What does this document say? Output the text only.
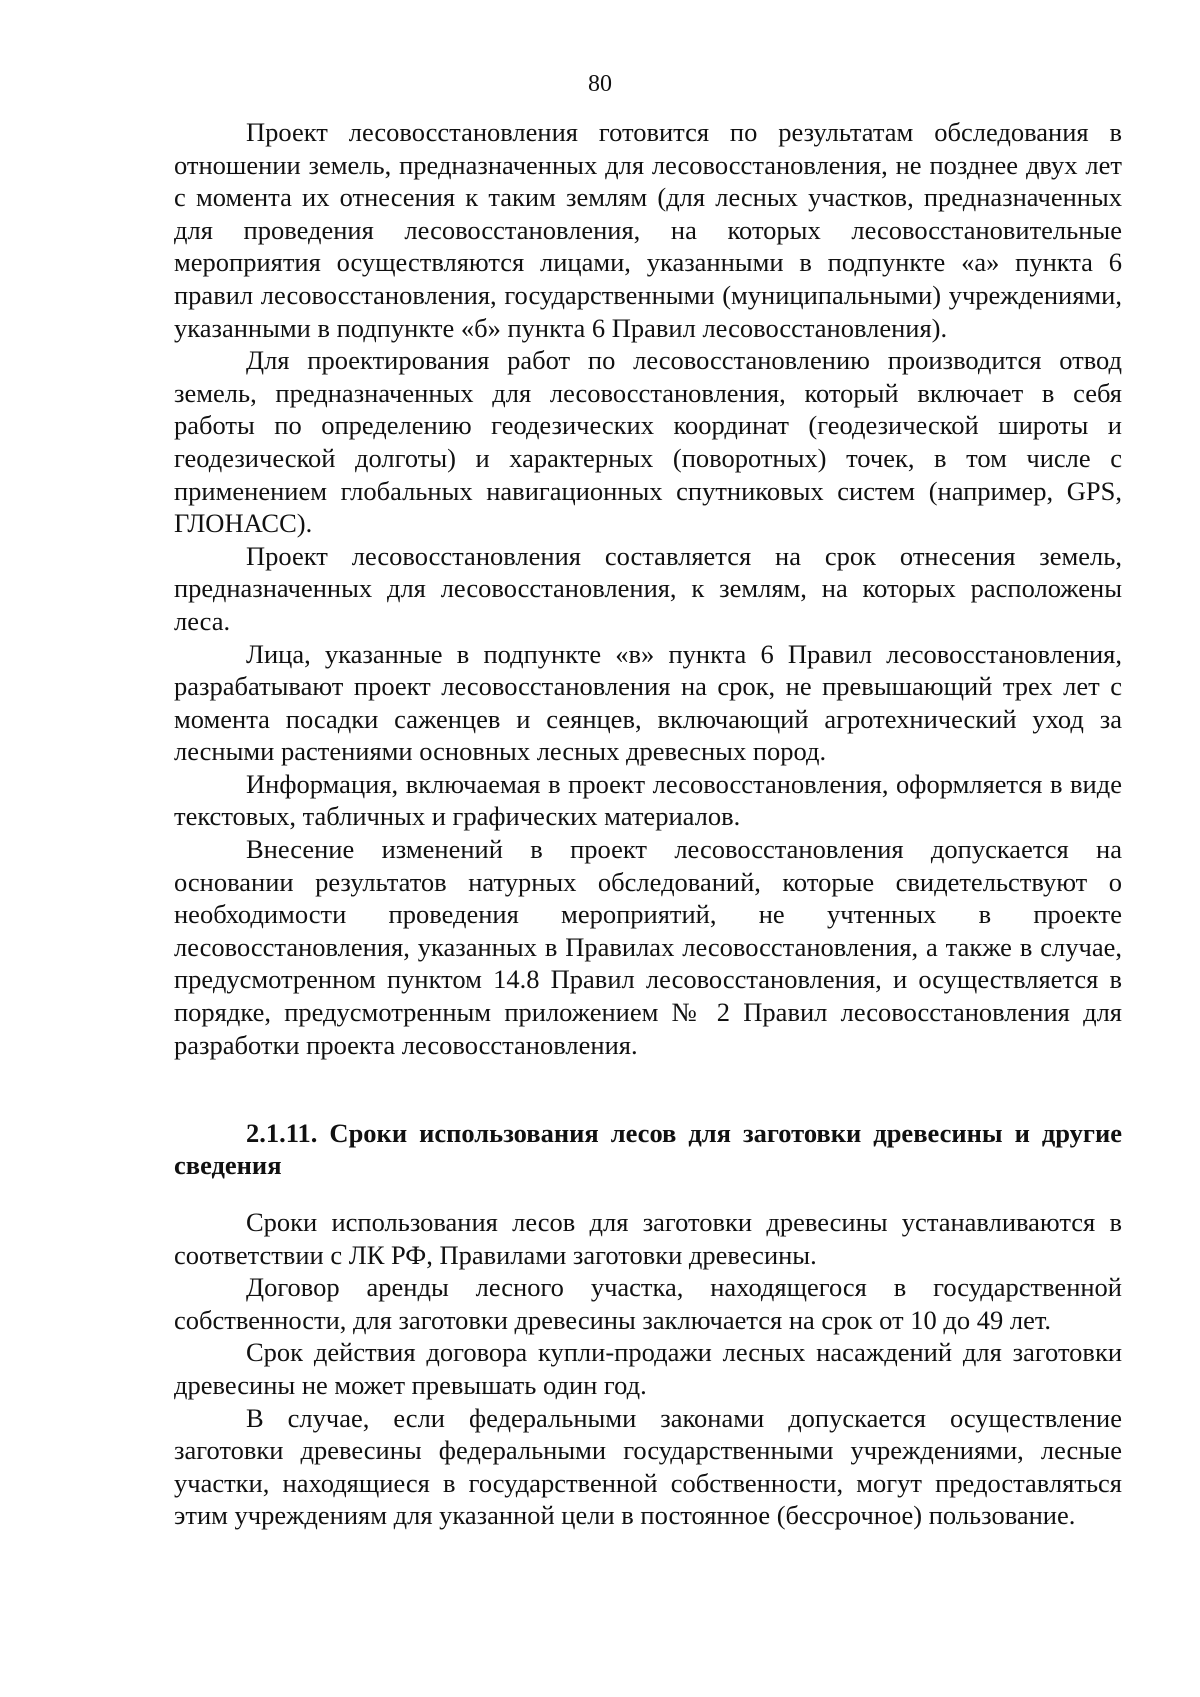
80

Проект лесовосстановления готовится по результатам обследования в отношении земель, предназначенных для лесовосстановления, не позднее двух лет с момента их отнесения к таким землям (для лесных участков, предназначенных для проведения лесовосстановления, на которых лесовосстановительные мероприятия осуществляются лицами, указанными в подпункте «а» пункта 6 правил лесовосстановления, государственными (муниципальными) учреждениями, указанными в подпункте «б» пункта 6 Правил лесовосстановления).

Для проектирования работ по лесовосстановлению производится отвод земель, предназначенных для лесовосстановления, который включает в себя работы по определению геодезических координат (геодезической широты и геодезической долготы) и характерных (поворотных) точек, в том числе с применением глобальных навигационных спутниковых систем (например, GPS, ГЛОНАСС).

Проект лесовосстановления составляется на срок отнесения земель, предназначенных для лесовосстановления, к землям, на которых расположены леса.

Лица, указанные в подпункте «в» пункта 6 Правил лесовосстановления, разрабатывают проект лесовосстановления на срок, не превышающий трех лет с момента посадки саженцев и сеянцев, включающий агротехнический уход за лесными растениями основных лесных древесных пород.

Информация, включаемая в проект лесовосстановления, оформляется в виде текстовых, табличных и графических материалов.

Внесение изменений в проект лесовосстановления допускается на основании результатов натурных обследований, которые свидетельствуют о необходимости проведения мероприятий, не учтенных в проекте лесовосстановления, указанных в Правилах лесовосстановления, а также в случае, предусмотренном пунктом 14.8 Правил лесовосстановления, и осуществляется в порядке, предусмотренным приложением № 2 Правил лесовосстановления для разработки проекта лесовосстановления.

2.1.11. Сроки использования лесов для заготовки древесины и другие сведения

Сроки использования лесов для заготовки древесины устанавливаются в соответствии с ЛК РФ, Правилами заготовки древесины.

Договор аренды лесного участка, находящегося в государственной собственности, для заготовки древесины заключается на срок от 10 до 49 лет.

Срок действия договора купли-продажи лесных насаждений для заготовки древесины не может превышать один год.

В случае, если федеральными законами допускается осуществление заготовки древесины федеральными государственными учреждениями, лесные участки, находящиеся в государственной собственности, могут предоставляться этим учреждениям для указанной цели в постоянное (бессрочное) пользование.
